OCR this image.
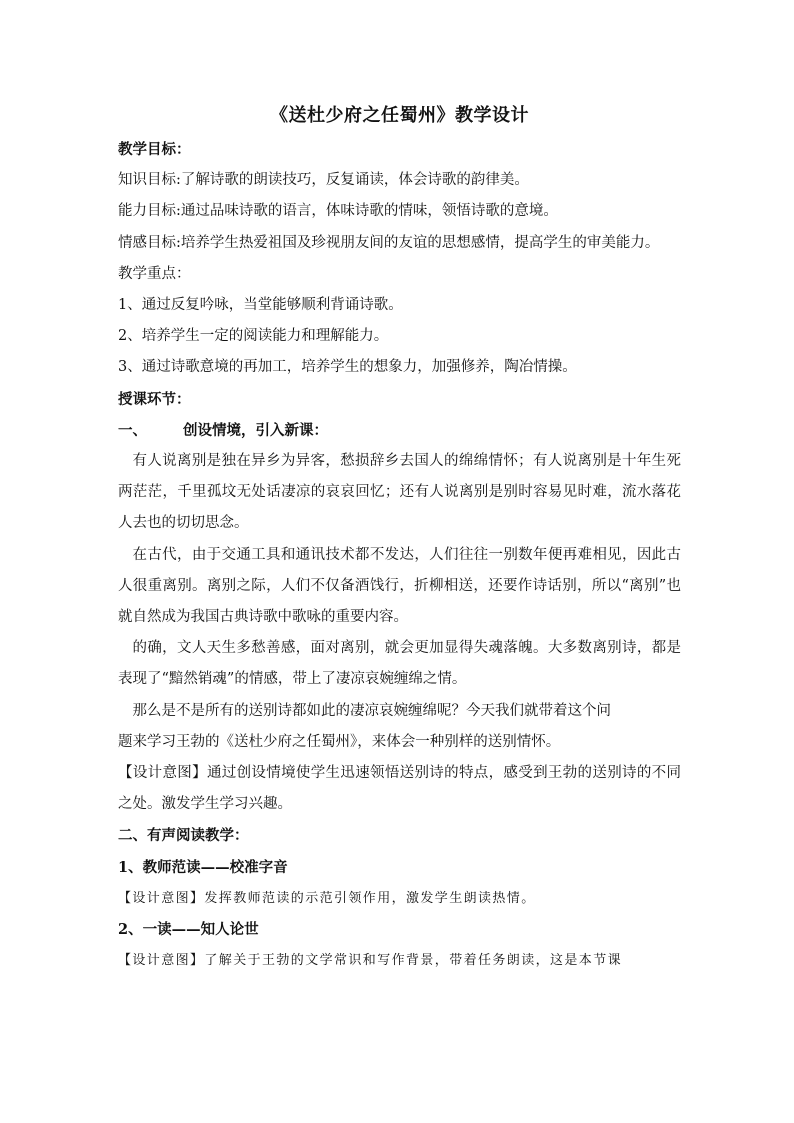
《送杜少府之任蜀州》教学设计

教学目标：

知识目标:了解诗歌的朗读技巧，反复诵读，体会诗歌的韵律美。

能力目标:通过品味诗歌的语言，体味诗歌的情味，领悟诗歌的意境。

情感目标:培养学生热爱祖国及珍视朋友间的友谊的思想感情，提高学生的审美能力。

教学重点：

1、通过反复吟咏，当堂能够顺利背诵诗歌。

2、培养学生一定的阅读能力和理解能力。

3、通过诗歌意境的再加工，培养学生的想象力，加强修养，陶冶情操。

授课环节：

一、 创设情境，引入新课：

有人说离别是独在异乡为异客，愁损辞乡去国人的绵绵情怀；有人说离别是十年生死两茫茫，千里孤坟无处话凄凉的哀哀回忆；还有人说离别是别时容易见时难，流水落花人去也的切切思念。

在古代，由于交通工具和通讯技术都不发达，人们往往一别数年便再难相见，因此古人很重离别。离别之际，人们不仅备酒饯行，折柳相送，还要作诗话别，所以“离别”也就自然成为我国古典诗歌中歌咏的重要内容。

的确，文人天生多愁善感，面对离别，就会更加显得失魂落魄。大多数离别诗，都是表现了“黯然销魂”的情感，带上了凄凉哀婉缠绵之情。

那么是不是所有的送别诗都如此的凄凉哀婉缠绵呢？今天我们就带着这个问

题来学习王勃的《送杜少府之任蜀州》，来体会一种别样的送别情怀。

【设计意图】通过创设情境使学生迅速领悟送别诗的特点，感受到王勃的送别诗的不同之处。激发学生学习兴趣。

二、有声阅读教学：

1、教师范读——校准字音

【设计意图】发挥教师范读的示范引领作用，激发学生朗读热情。

2、一读——知人论世

【设计意图】了解关于王勃的文学常识和写作背景，带着任务朗读，这是本节课
